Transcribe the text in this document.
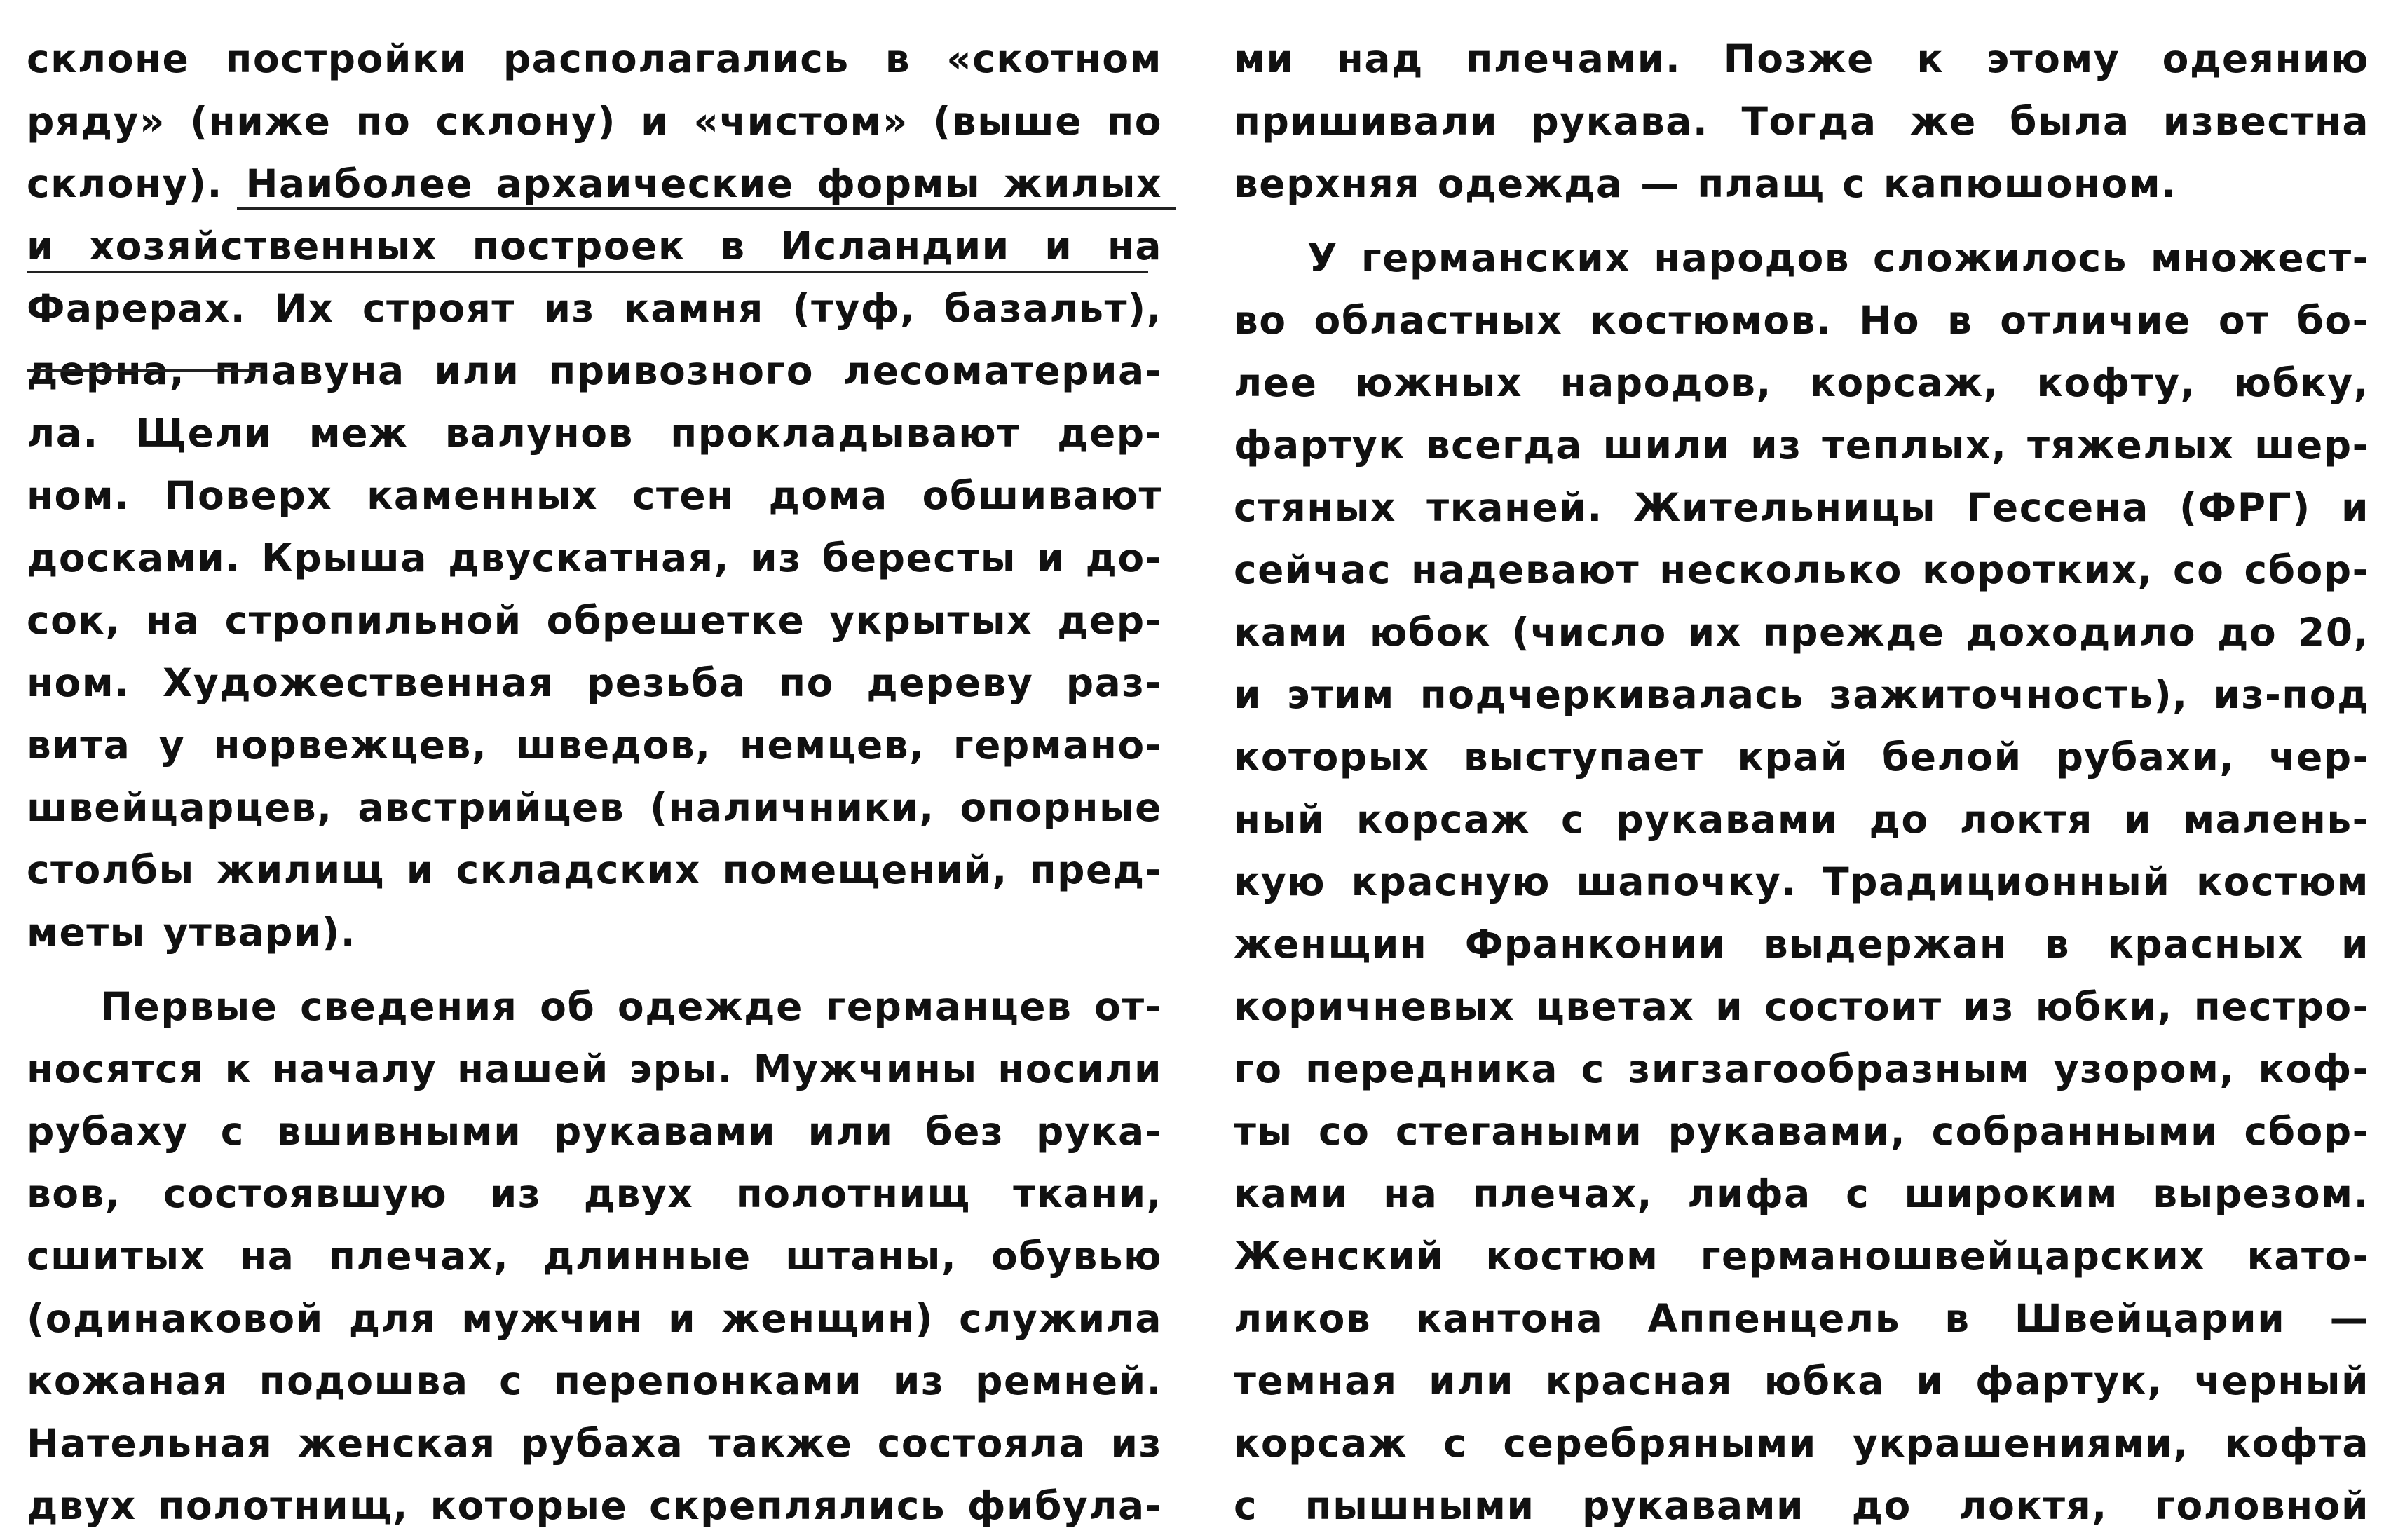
склоне постройки располагались в «скотном
ряду» (ниже по склону) и «чистом» (выше по
склону). Наиболее архаические формы жилых
и хозяйственных построек в Исландии и на
Фарерах. Их строят из камня (туф, базальт),
дерна, плавуна или привозного лесоматериа-
ла. Щели меж валунов прокладывают дер-
ном. Поверх каменных стен дома обшивают
досками. Крыша двускатная, из бересты и до-
сок, на стропильной обрешетке укрытых дер-
ном. Художественная резьба по дереву раз-
вита у норвежцев, шведов, немцев, германо-
швейцарцев, австрийцев (наличники, опорные
столбы жилищ и складских помещений, пред-
меты утвари).
Первые сведения об одежде германцев от-
носятся к началу нашей эры. Мужчины носили
рубаху с вшивными рукавами или без рука-
вов, состоявшую из двух полотнищ ткани,
сшитых на плечах, длинные штаны, обувью
(одинаковой для мужчин и женщин) служила
кожаная подошва с перепонками из ремней.
Нательная женская рубаха также состояла из
двух полотнищ, которые скреплялись фибула-
ми над плечами. Позже к этому одеянию
пришивали рукава. Тогда же была известна
верхняя одежда — плащ с капюшоном.
У германских народов сложилось множест-
во областных костюмов. Но в отличие от бо-
лее южных народов, корсаж, кофту, юбку,
фартук всегда шили из теплых, тяжелых шер-
стяных тканей. Жительницы Гессена (ФРГ) и
сейчас надевают несколько коротких, со сбор-
ками юбок (число их прежде доходило до 20,
и этим подчеркивалась зажиточность), из-под
которых выступает край белой рубахи, чер-
ный корсаж с рукавами до локтя и малень-
кую красную шапочку. Традиционный костюм
женщин Франконии выдержан в красных и
коричневых цветах и состоит из юбки, пестро-
го передника с зигзагообразным узором, коф-
ты со стегаными рукавами, собранными сбор-
ками на плечах, лифа с широким вырезом.
Женский костюм германошвейцарских като-
ликов кантона Аппенцель в Швейцарии —
темная или красная юбка и фартук, черный
корсаж с серебряными украшениями, кофта
с пышными рукавами до локтя, головной
